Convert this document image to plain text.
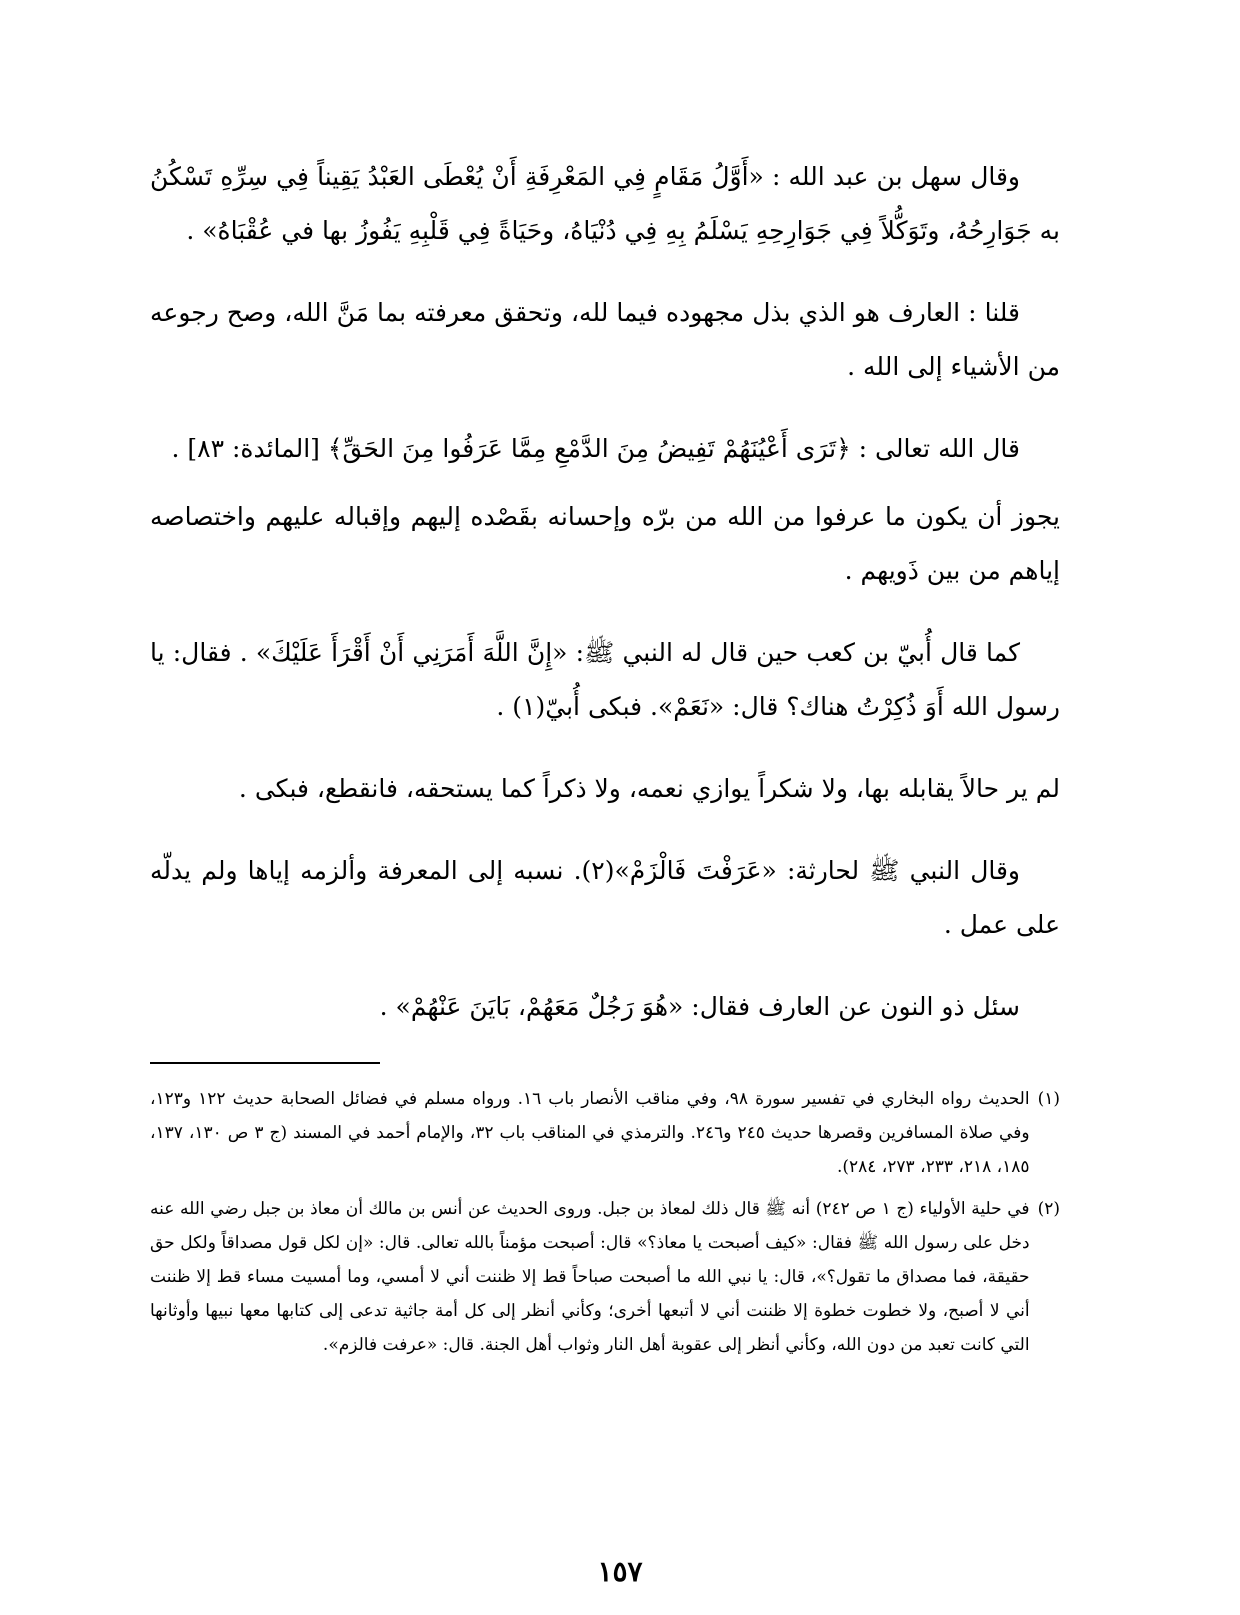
وقال سهل بن عبد الله : «أَوَّلُ مَقَامٍ فِي المَعْرِفَةِ أَنْ يُعْطَى العَبْدُ يَقِيناً فِي سِرِّهِ تَسْكُنُ به جَوَارِحُهُ، وتَوَكُّلاً فِي جَوَارِحِهِ يَسْلَمُ بِهِ فِي دُنْيَاهُ، وحَيَاةً فِي قَلْبِهِ يَفُوزُ بها في عُقْبَاهُ» .

قلنا : العارف هو الذي بذل مجهوده فيما لله، وتحقق معرفته بما مَنَّ الله، وصح رجوعه من الأشياء إلى الله .

قال الله تعالى : ﴿تَرَى أَعْيُنَهُمْ تَفِيضُ مِنَ الدَّمْعِ مِمَّا عَرَفُوا مِنَ الحَقِّ﴾ [المائدة: ٨٣] .

يجوز أن يكون ما عرفوا من الله من برّه وإحسانه بقَصْده إليهم وإقباله عليهم واختصاصه إياهم من بين ذَويهم .

كما قال أُبيّ بن كعب حين قال له النبي ﷺ: «إِنَّ اللَّهَ أَمَرَنِي أَنْ أَقْرَأَ عَلَيْكَ» . فقال: يا رسول الله أَوَ ذُكِرْتُ هناك؟ قال: «نَعَمْ». فبكى أُبيّ(١) .

لم ير حالاً يقابله بها، ولا شكراً يوازي نعمه، ولا ذكراً كما يستحقه، فانقطع، فبكى .

وقال النبي ﷺ لحارثة: «عَرَفْتَ فَالْزَمْ»(٢). نسبه إلى المعرفة وألزمه إياها ولم يدلّه على عمل .

سئل ذو النون عن العارف فقال: «هُوَ رَجُلٌ مَعَهُمْ، بَايَنَ عَنْهُمْ» .

(١)
الحديث رواه البخاري في تفسير سورة ٩٨، وفي مناقب الأنصار باب ١٦. ورواه مسلم في فضائل الصحابة حديث ١٢٢ و١٢٣، وفي صلاة المسافرين وقصرها حديث ٢٤٥ و٢٤٦. والترمذي في المناقب باب ٣٢، والإمام أحمد في المسند (ج ٣ ص ١٣٠، ١٣٧، ١٨٥، ٢١٨، ٢٣٣، ٢٧٣، ٢٨٤).
(٢)
في حلية الأولياء (ج ١ ص ٢٤٢) أنه ﷺ قال ذلك لمعاذ بن جبل. وروى الحديث عن أنس بن مالك أن معاذ بن جبل رضي الله عنه دخل على رسول الله ﷺ فقال: «كيف أصبحت يا معاذ؟» قال: أصبحت مؤمناً بالله تعالى. قال: «إن لكل قول مصداقاً ولكل حق حقيقة، فما مصداق ما تقول؟»، قال: يا نبي الله ما أصبحت صباحاً قط إلا ظننت أني لا أمسي، وما أمسيت مساء قط إلا ظننت أني لا أصبح، ولا خطوت خطوة إلا ظننت أني لا أتبعها أخرى؛ وكأني أنظر إلى كل أمة جاثية تدعى إلى كتابها معها نبيها وأوثانها التي كانت تعبد من دون الله، وكأني أنظر إلى عقوبة أهل النار وثواب أهل الجنة. قال: «عرفت فالزم».
١٥٧
